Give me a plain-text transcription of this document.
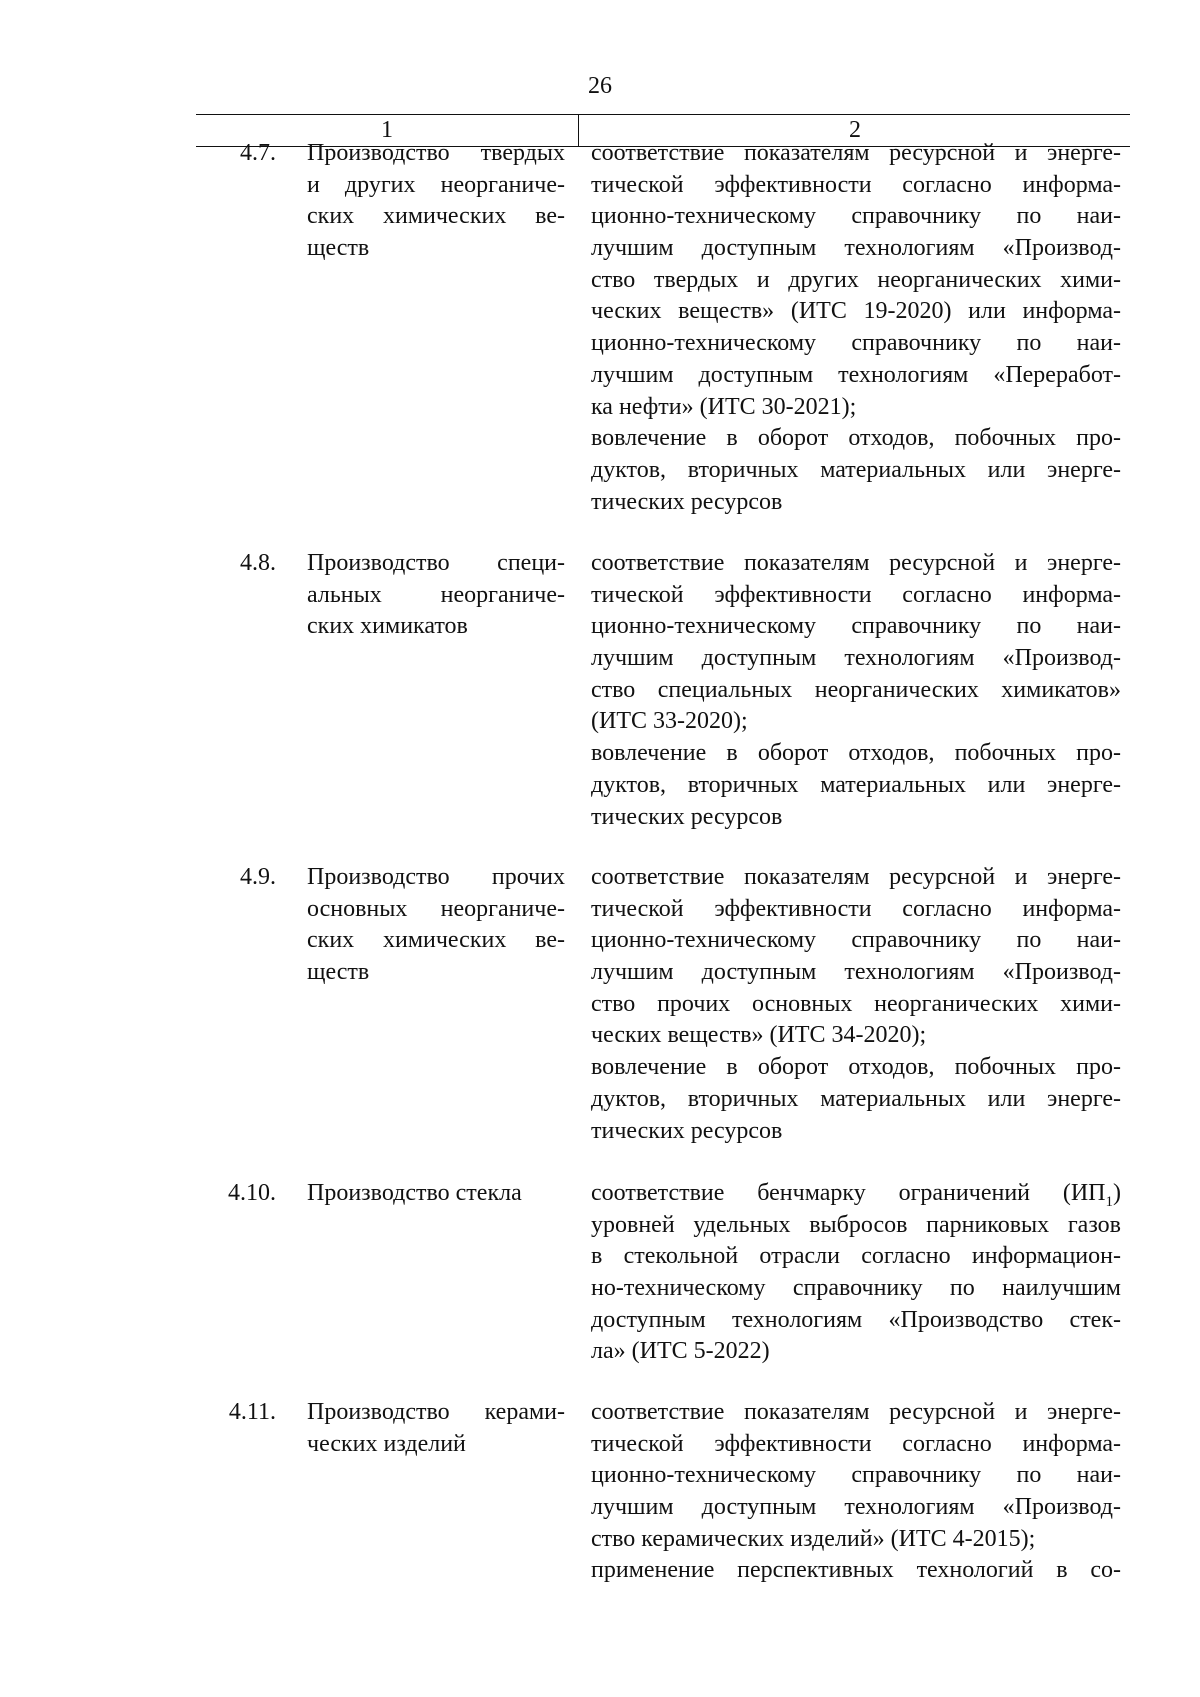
26
1	2
4.7. Производство твердых
и других неорганиче-
ских химических ве-
ществ
соответствие показателям ресурсной и энерге-
тической эффективности согласно информа-
ционно-техническому справочнику по наи-
лучшим доступным технологиям «Производ-
ство твердых и других неорганических хими-
ческих веществ» (ИТС 19-2020) или информа-
ционно-техническому справочнику по наи-
лучшим доступным технологиям «Переработ-
ка нефти» (ИТС 30-2021);
вовлечение в оборот отходов, побочных про-
дуктов, вторичных материальных или энерге-
тических ресурсов
4.8. Производство специ-
альных неорганиче-
ских химикатов
соответствие показателям ресурсной и энерге-
тической эффективности согласно информа-
ционно-техническому справочнику по наи-
лучшим доступным технологиям «Производ-
ство специальных неорганических химикатов»
(ИТС 33-2020);
вовлечение в оборот отходов, побочных про-
дуктов, вторичных материальных или энерге-
тических ресурсов
4.9. Производство прочих
основных неорганиче-
ских химических ве-
ществ
соответствие показателям ресурсной и энерге-
тической эффективности согласно информа-
ционно-техническому справочнику по наи-
лучшим доступным технологиям «Производ-
ство прочих основных неорганических хими-
ческих веществ» (ИТС 34-2020);
вовлечение в оборот отходов, побочных про-
дуктов, вторичных материальных или энерге-
тических ресурсов
4.10. Производство стекла	соответствие бенчмарку ограничений $(ИП_1)$
уровней удельных выбросов парниковых газов
в стекольной отрасли согласно информацион-
но-техническому справочнику по наилучшим
доступным технологиям «Производство стек-
ла» (ИТС 5-2022)
4.11. Производство керами-
ческих изделий
соответствие показателям ресурсной и энерге-
тической эффективности согласно информа-
ционно-техническому справочнику по наи-
лучшим доступным технологиям «Производ-
ство керамических изделий» (ИТС 4-2015);
применение перспективных технологий в со-
